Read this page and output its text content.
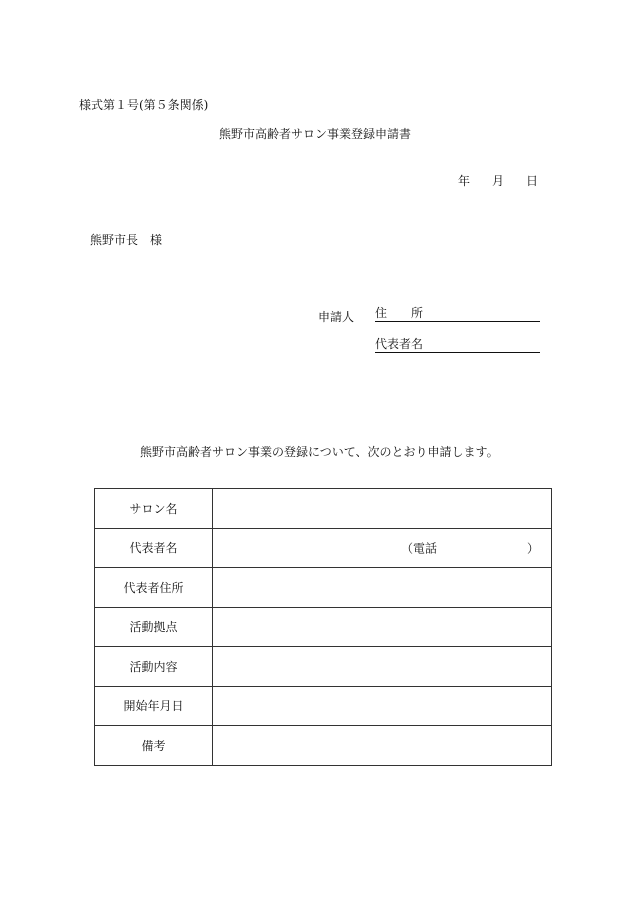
様式第１号(第５条関係)
熊野市高齢者サロン事業登録申請書
年 月 日
熊野市長　様
申請人 住　　所
代表者名
熊野市高齢者サロン事業の登録について、次のとおり申請します。
サロン名	
代表者名	（電話 ）

代表者住所	
活動拠点	
活動内容	
開始年月日	
備考	
